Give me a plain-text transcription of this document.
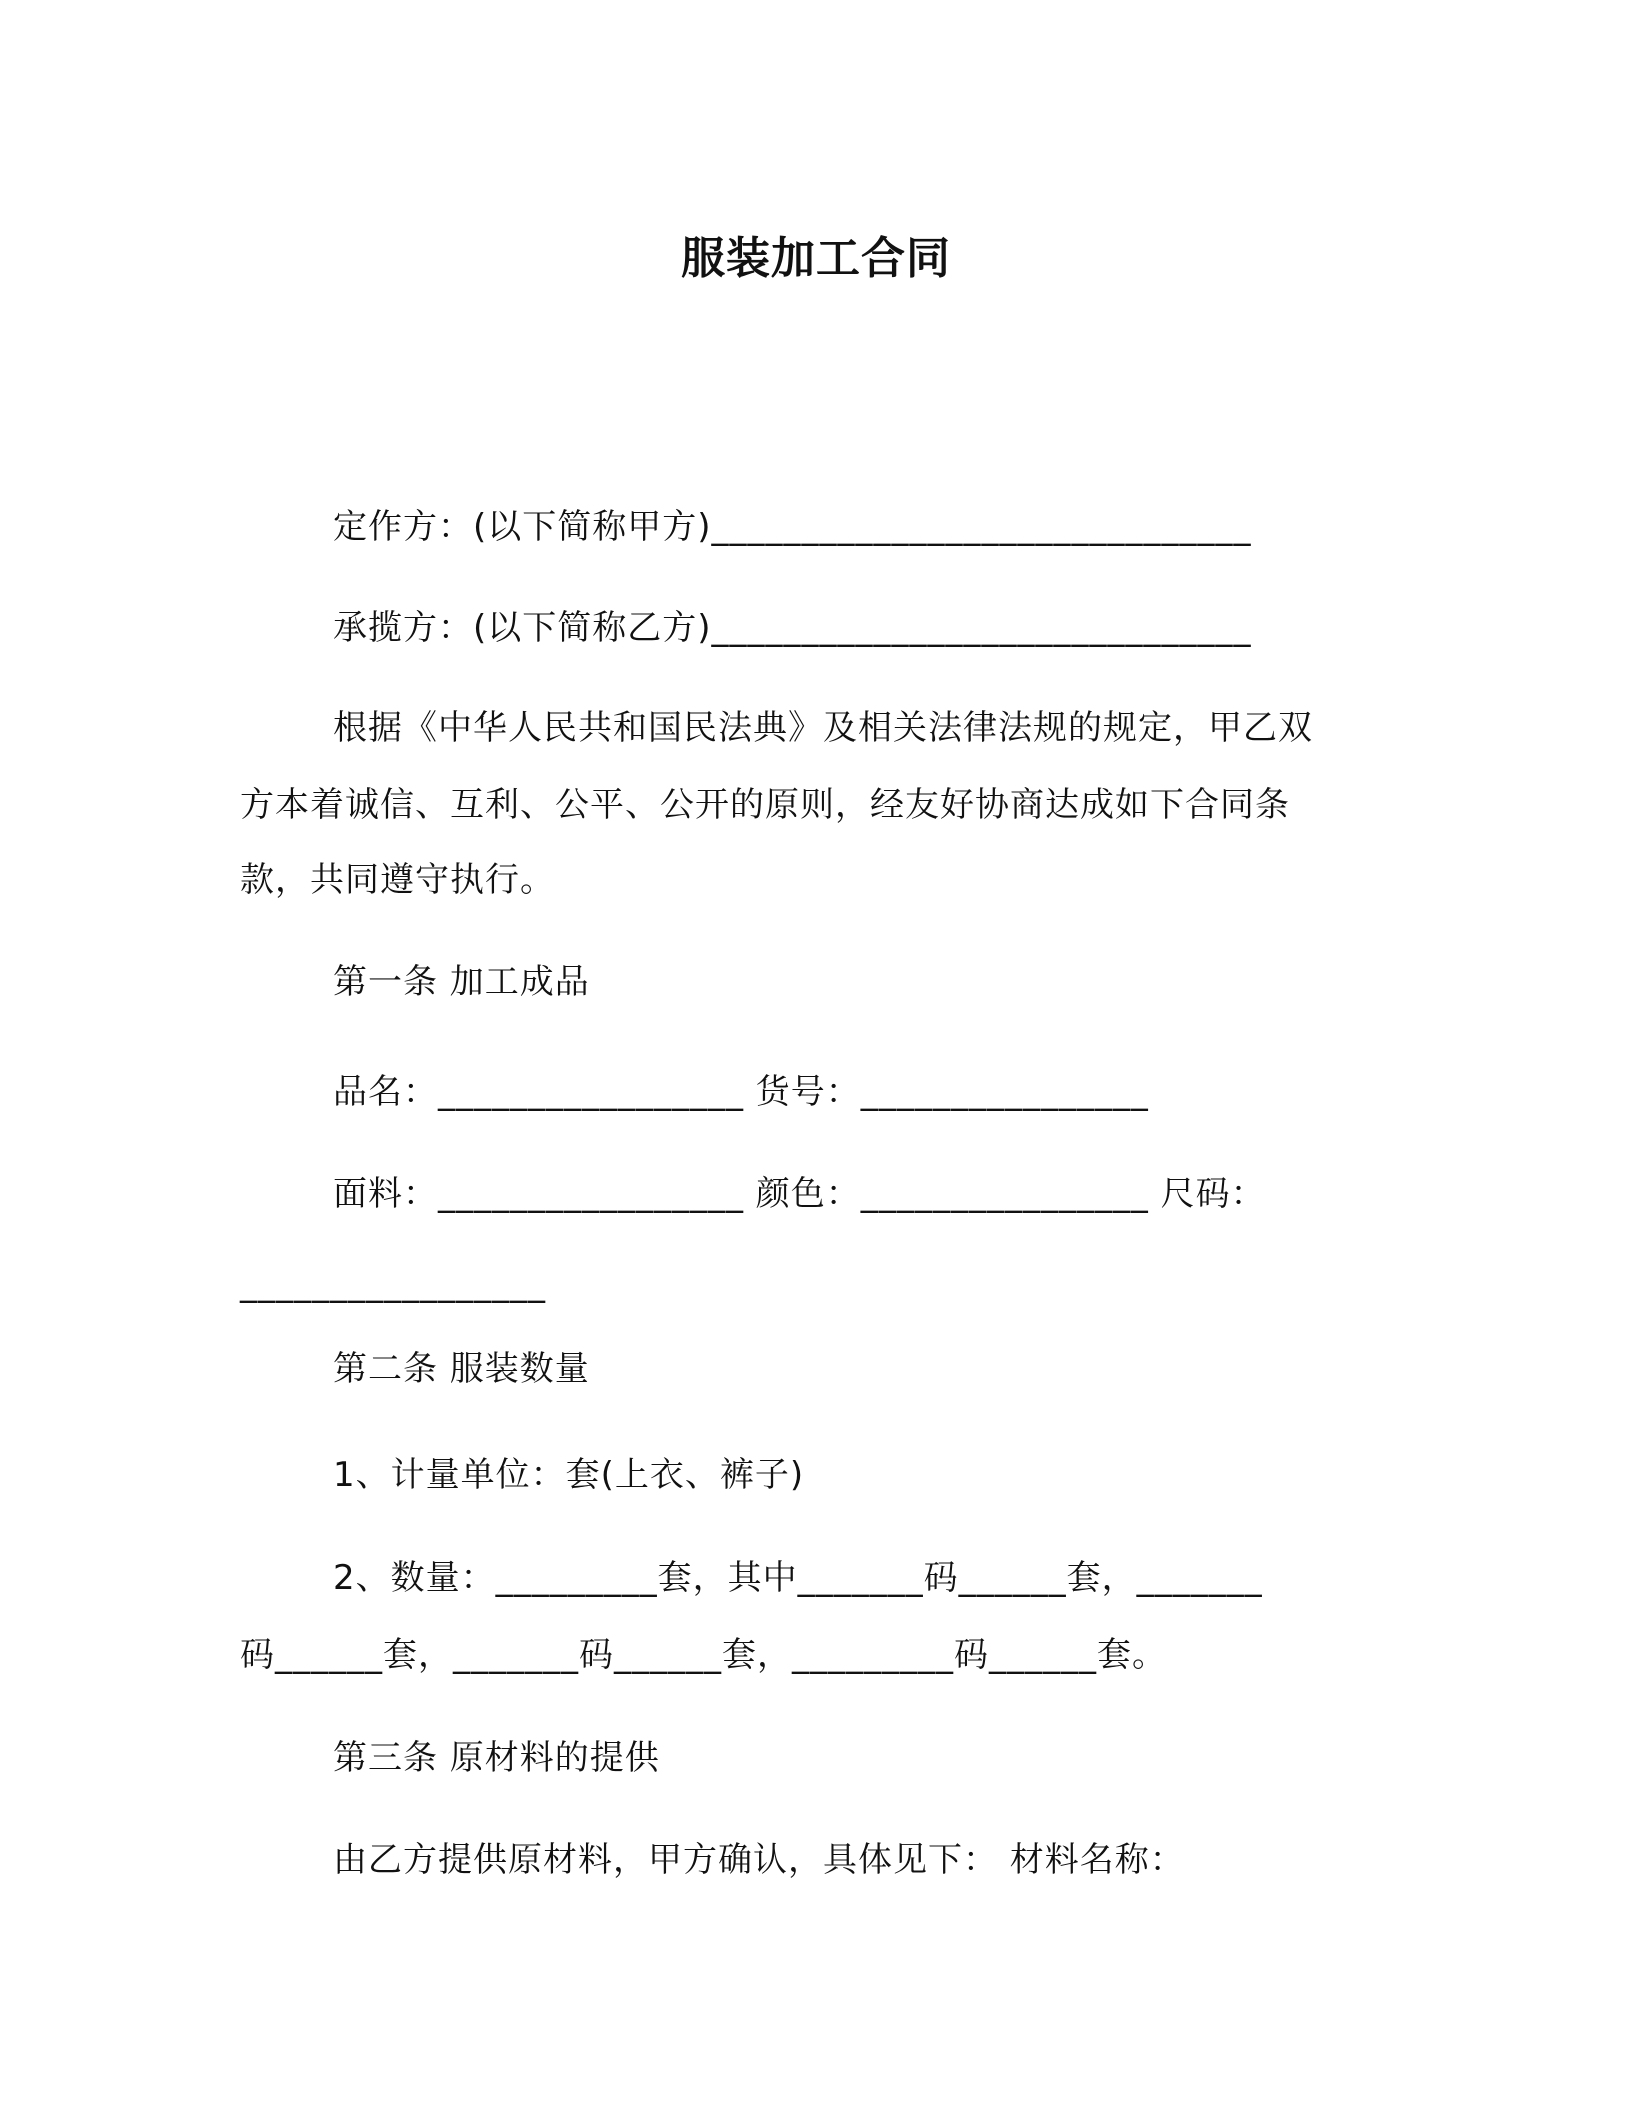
服装加工合同
定作方：(以下简称甲方)______________________________
承揽方：(以下简称乙方)______________________________
根据《中华人民共和国民法典》及相关法律法规的规定，甲乙双
方本着诚信、互利、公平、公开的原则，经友好协商达成如下合同条
款，共同遵守执行。
第一条 加工成品
品名：_________________ 货号：________________
面料：_________________ 颜色：________________ 尺码：
_________________
第二条 服装数量
1、计量单位：套(上衣、裤子)
2、数量：_________套，其中_______码______套，_______
码______套，_______码______套，_________码______套。
第三条 原材料的提供
由乙方提供原材料，甲方确认，具体见下： 材料名称：
